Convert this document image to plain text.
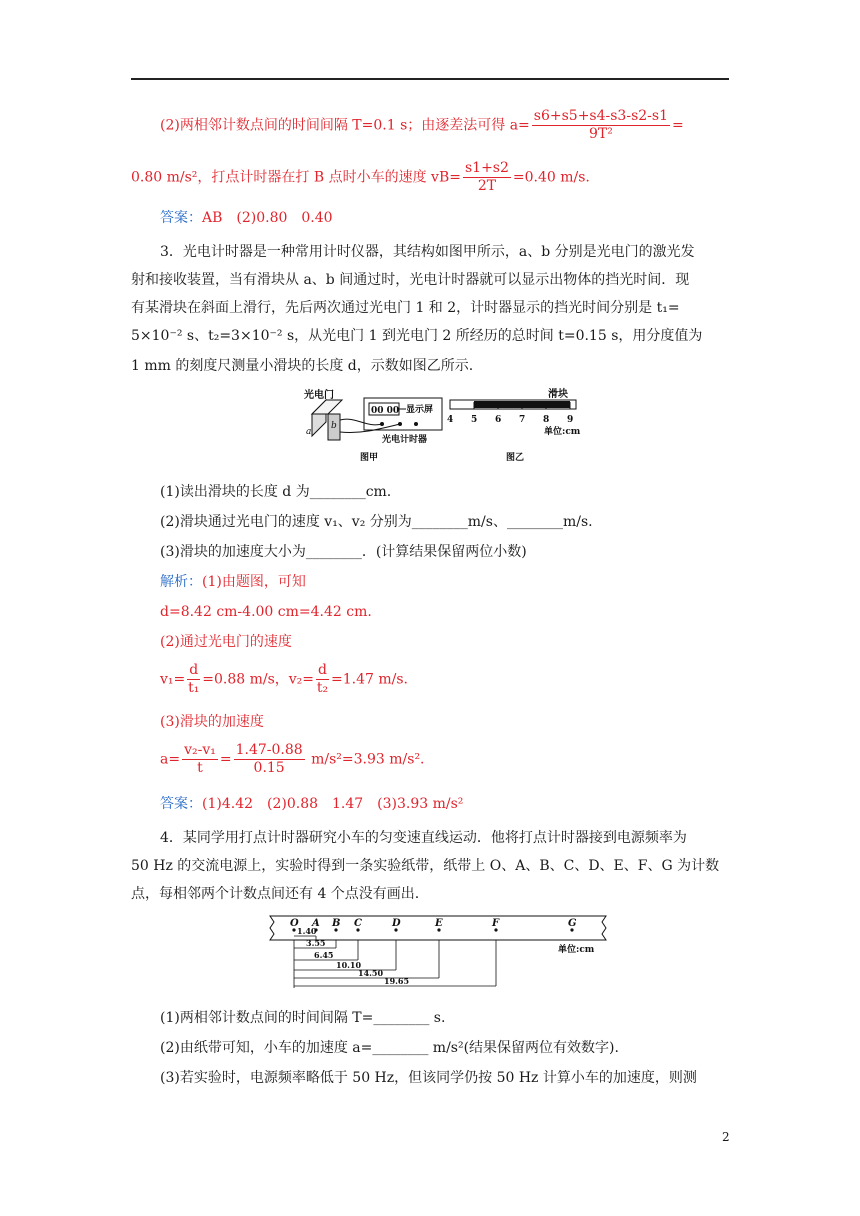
(2)两相邻计数点间的时间间隔 T=0.1 s；由逐差法可得 $a= \frac{s6+s5+s4-s3-s2-s1}{\text{9T²}}$ =
0.80 m/s²，打点计时器在打 B 点时小车的速度 $vB= \frac{s1+s2}{2T} =0.40$ m/s.
答案：AB　(2)0.80　0.40
3．光电计时器是一种常用计时仪器，其结构如图甲所示，a、b 分别是光电门的激光发
射和接收装置，当有滑块从 a、b 间通过时，光电计时器就可以显示出物体的挡光时间．现
有某滑块在斜面上滑行，先后两次通过光电门 1 和 2，计时器显示的挡光时间分别是 t₁=
5×10⁻² s、t₂=3×10⁻² s，从光电门 1 到光电门 2 所经历的总时间 t=0.15 s，用分度值为
1 mm 的刻度尺测量小滑块的长度 d，示数如图乙所示.
光电门
a
b
00 00 显示屏
光电计时器
图甲
滑块
4 5 6 7 8 9
单位:cm
图乙
(1)读出滑块的长度 d 为________cm.
(2)滑块通过光电门的速度 v₁、v₂ 分别为________m/s、________m/s.
(3)滑块的加速度大小为________．(计算结果保留两位小数)
解析：(1)由题图，可知
d=8.42 cm-4.00 cm=4.42 cm.
(2)通过光电门的速度
$v_1= \frac{d}{\text{t₁}} =0.88$ m/s，$v_2= \frac{d}{\text{t₂}} =1.47$ m/s.
(3)滑块的加速度
$a= \frac{\text{v₂-v₁}}{t} = \frac{1.47-0.88}{0.15} m/s^2=3.93$ m/s².
答案：(1)4.42　(2)0.88　1.47　(3)3.93 m/s²
4．某同学用打点计时器研究小车的匀变速直线运动．他将打点计时器接到电源频率为
50 Hz 的交流电源上，实验时得到一条实验纸带，纸带上 O、A、B、C、D、E、F、G 为计数
点，每相邻两个计数点间还有 4 个点没有画出.
O A B C	D	E	F	G
单位:cm
1.40
3.55
6.45
10.10
14.50
19.65
(1)两相邻计数点间的时间间隔 T=________ s.
(2)由纸带可知，小车的加速度 a=________ m/s²(结果保留两位有效数字).
(3)若实验时，电源频率略低于 50 Hz，但该同学仍按 50 Hz 计算小车的加速度，则测
2
